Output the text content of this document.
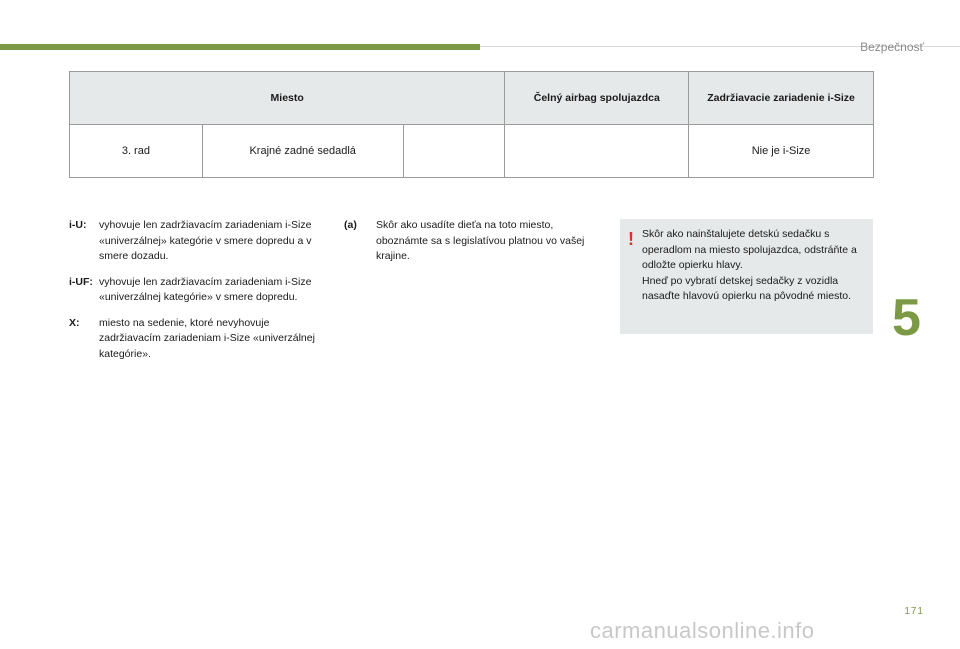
Bezpečnosť
Miesto			Čelný airbag spolujazdca	Zadržiavacie zariadenie i-Size
3. rad	Krajné zadné sedadlá			Nie je i-Size
i-U:	vyhovuje len zadržiavacím zariadeniam i-Size «univerzálnej» kategórie v smere dopredu a v smere dozadu.
i-UF: vyhovuje len zadržiavacím zariadeniam i-Size «univerzálnej kategórie» v smere dopredu.
X:	miesto na sedenie, ktoré nevyhovuje zadržiavacím zariadeniam i-Size «univerzálnej kategórie».
(a)	Skôr ako usadíte dieťa na toto miesto, oboznámte sa s legislatívou platnou vo vašej krajine.
! Skôr ako nainštalujete detskú sedačku s operadlom na miesto spolujazdca, odstráňte a odložte opierku hlavy.
Hneď po vybratí detskej sedačky z vozidla nasaďte hlavovú opierku na pôvodné miesto. 5
171
carmanualsonline.info
